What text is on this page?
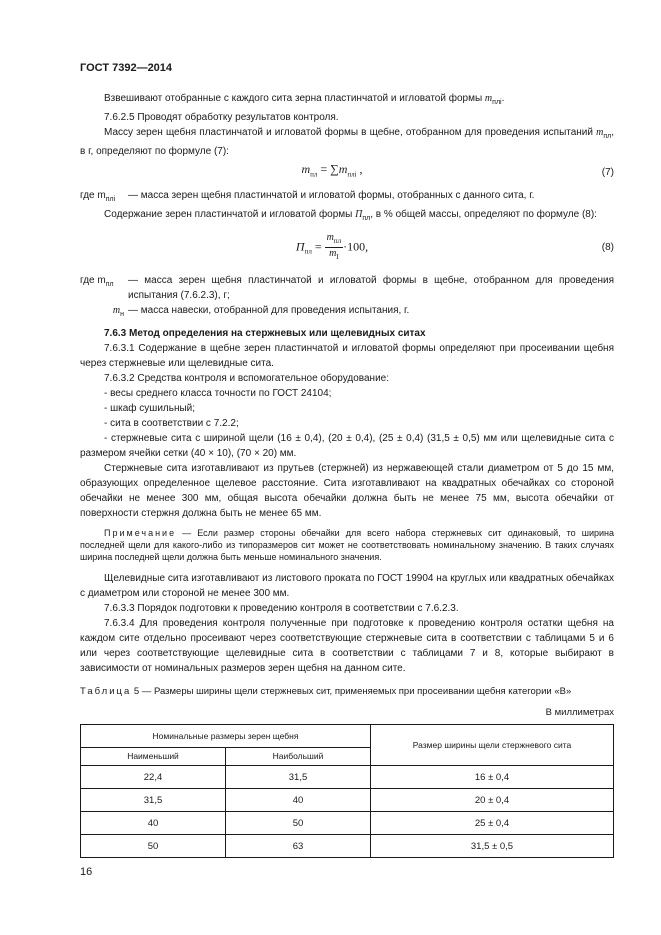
ГОСТ 7392—2014

Взвешивают отобранные с каждого сита зерна пластинчатой и игловатой формы $m_{плi}$.

7.6.2.5 Проводят обработку результатов контроля.

Массу зерен щебня пластинчатой и игловатой формы в щебне, отобранном для проведения испытаний $m_{пл}$, в г, определяют по формуле (7):

$m_{пл} = \sum m_{плi}$ ,	(7)
где $m_{плi}$	— масса зерен щебня пластинчатой и игловатой формы, отобранных с данного сита, г.

Содержание зерен пластинчатой и игловатой формы $П_{пл}$, в % общей массы, определяют по формуле (8):

$П_{пл} = \frac{m_{пл}}{m_I} \cdot 100$,	(8)
где $m_{пл}$	— масса зерен щебня пластинчатой и игловатой формы в щебне, отобранном для проведения испытания (7.6.2.3), г;
$m_н$ — масса навески, отобранной для проведения испытания, г.

7.6.3 Метод определения на стержневых или щелевидных ситах

7.6.3.1 Содержание в щебне зерен пластинчатой и игловатой формы определяют при просеивании щебня через стержневые или щелевидные сита.

7.6.3.2 Средства контроля и вспомогательное оборудование:

- весы среднего класса точности по ГОСТ 24104;

- шкаф сушильный;

- сита в соответствии с 7.2.2;

- стержневые сита с шириной щели (16 ± 0,4), (20 ± 0,4), (25 ± 0,4) (31,5 ± 0,5) мм или щелевидные сита с размером ячейки сетки (40 × 10), (70 × 20) мм.

Стержневые сита изготавливают из прутьев (стержней) из нержавеющей стали диаметром от 5 до 15 мм, образующих определенное щелевое расстояние. Сита изготавливают на квадратных обечайках со стороной обечайки не менее 300 мм, общая высота обечайки должна быть не менее 75 мм, высота обечайки от поверхности стержня должна быть не менее 65 мм.

Примечание — Если размер стороны обечайки для всего набора стержневых сит одинаковый, то ширина последней щели для какого-либо из типоразмеров сит может не соответствовать номинальному значению. В таких случаях ширина последней щели должна быть меньше номинального значения.

Щелевидные сита изготавливают из листового проката по ГОСТ 19904 на круглых или квадратных обечайках с диаметром или стороной не менее 300 мм.

7.6.3.3 Порядок подготовки к проведению контроля в соответствии с 7.6.2.3.

7.6.3.4 Для проведения контроля полученные при подготовке к проведению контроля остатки щебня на каждом сите отдельно просеивают через соответствующие стержневые сита в соответствии с таблицами 5 и 6 или через соответствующие щелевидные сита в соответствии с таблицами 7 и 8, которые выбирают в зависимости от номинальных размеров зерен щебня на данном сите.

Таблица 5 — Размеры ширины щели стержневых сит, применяемых при просеивании щебня категории «В»

В миллиметрах
Номинальные размеры зерен щебня		Размер ширины щели стержневого сита
Наименьший	Наибольший	
22,4	31,5	16 ± 0,4
31,5	40	20 ± 0,4
40	50	25 ± 0,4
50	63	31,5 ± 0,5
16
